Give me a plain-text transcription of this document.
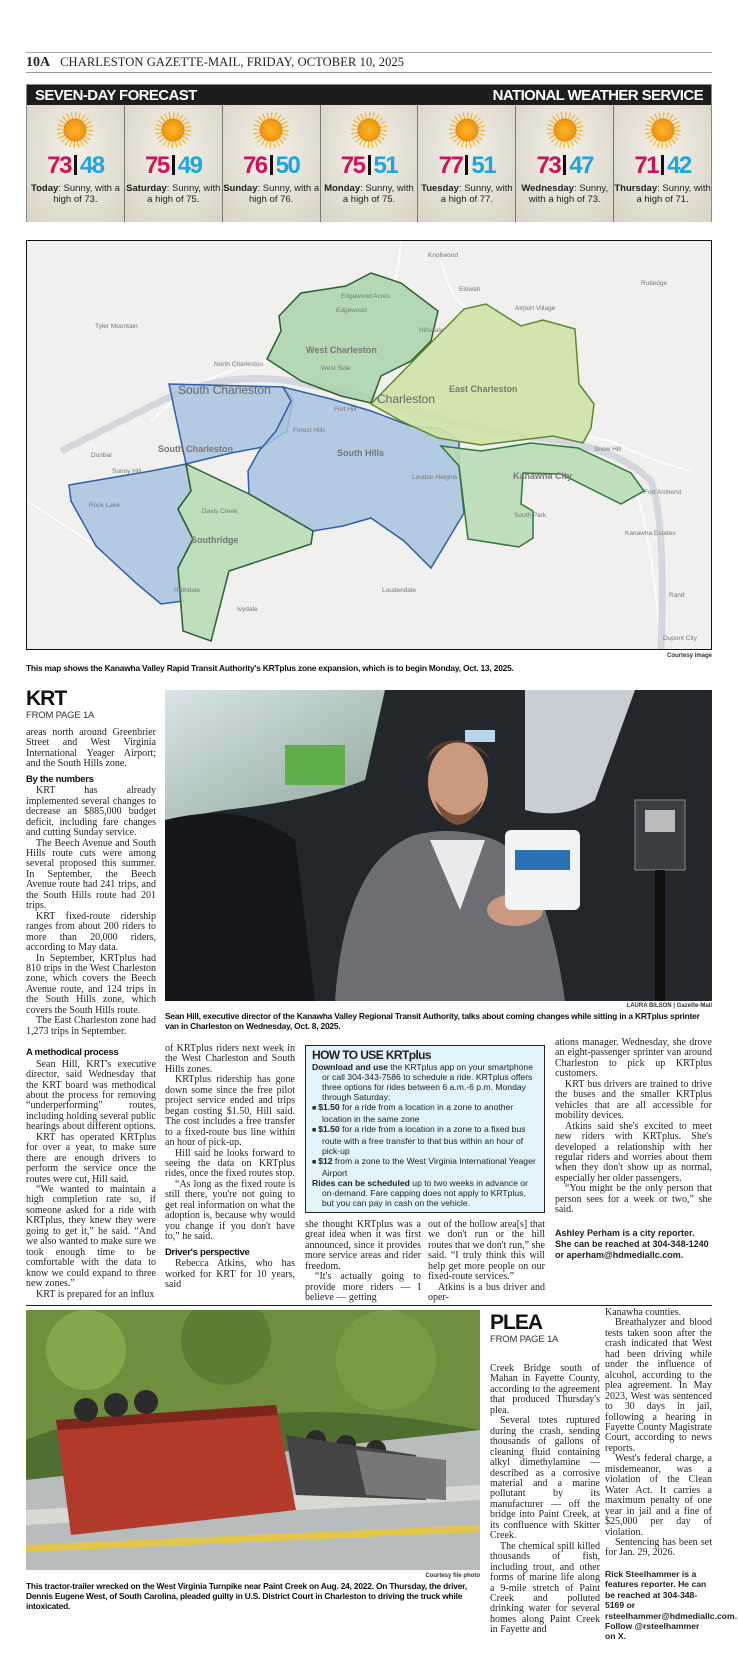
10A CHARLESTON GAZETTE-MAIL, FRIDAY, OCTOBER 10, 2025
SEVEN-DAY FORECAST	NATIONAL WEATHER SERVICE
73 48
Today: Sunny, with a high of 73.
75 49
Saturday: Sunny, with a high of 75.
76 50
Sunday: Sunny, with a high of 76.
75 51
Monday: Sunny, with a high of 75.
77 51
Tuesday: Sunny, with a high of 77.
73 47
Wednesday: Sunny, with a high of 73.
71 42
Thursday: Sunny, with a high of 71.
West Charleston
East Charleston
South Charleston	South Hills
Southridge
Kanawha City
Charleston
South Charleston
North Charleston
Tyler Mountain
Knollwood
Rutledge
Elowah
Airport Village
Edgewood
Edgewood Acres
Hillsdale
West Side
Fort Hill
Forest Hills
Dunbar
Sunny Hill
Rock Lake
Davis Creek
Ruthdale
Ivydale
Loudendale
Loudon Heights
Snow Hill
Fort Amherst
South Park
Kanawha Estates
Rand
Dupont City
Courtesy image
This map shows the Kanawha Valley Rapid Transit Authority's KRTplus zone expansion, which is to begin Monday, Oct. 13, 2025.
KRT
FROM PAGE 1A
LAURA BILSON | Gazette-Mail
Sean Hill, executive director of the Kanawha Valley Regional Transit Authority, talks about coming changes while sitting in a KRTplus sprinter van in Charleston on Wednesday, Oct. 8, 2025.

areas north around Greenbrier Street and West Virginia International Yeager Airport; and the South Hills zone.

By the numbers

KRT has already implemented several changes to decrease an $885,000 budget deficit, including fare changes and cutting Sunday service.

The Beech Avenue and South Hills route cuts were among several proposed this summer. In September, the Beech Avenue route had 241 trips, and the South Hills route had 201 trips.

KRT fixed-route ridership ranges from about 200 riders to more than 20,000 riders, according to May data.

In September, KRTplus had 810 trips in the West Charleston zone, which covers the Beech Avenue route, and 124 trips in the South Hills zone, which covers the South Hills route.

The East Charleston zone had 1,273 trips in September.

A methodical process

Sean Hill, KRT's executive director, said Wednesday that the KRT board was methodical about the process for removing “underperforming” routes, including holding several public hearings about different options.

KRT has operated KRTplus for over a year, to make sure there are enough drivers to perform the service once the routes were cut, Hill said.

“We wanted to maintain a high completion rate so, if someone asked for a ride with KRTplus, they knew they were going to get it,” he said. “And we also wanted to make sure we took enough time to be comfortable with the data to know we could expand to three new zones.”

KRT is prepared for an influx

of KRTplus riders next week in the West Charleston and South Hills zones.

KRTplus ridership has gone down some since the free pilot project service ended and trips began costing $1.50, Hill said. The cost includes a free transfer to a fixed-route bus line within an hour of pick-up.

Hill said he looks forward to seeing the data on KRTplus rides, once the fixed routes stop.

“As long as the fixed route is still there, you're not going to get real information on what the adoption is, because why would you change if you don't have to,” he said.

Driver's perspective

Rebecca Atkins, who has worked for KRT for 10 years, said

HOW TO USE KRTplus
Download and use the KRTplus app on your smartphone or call 304-343-7586 to schedule a ride. KRTplus offers three options for rides between 6 a.m.-6 p.m. Monday through Saturday:
■ $1.50 for a ride from a location in a zone to another location in the same zone
■ $1.50 for a ride from a location in a zone to a fixed bus route with a free transfer to that bus within an hour of pick-up
■ $12 from a zone to the West Virginia International Yeager Airport
Rides can be scheduled up to two weeks in advance or on-demand. Fare capping does not apply to KRTplus, but you can pay in cash on the vehicle.

she thought KRTplus was a great idea when it was first announced, since it provides more service areas and rider freedom.

“It's actually going to provide more riders — I believe — getting

out of the hollow area[s] that we don't run or the hill routes that we don't run,” she said. “I truly think this will help get more people on our fixed-route services.”

Atkins is a bus driver and oper-

ations manager. Wednesday, she drove an eight-passenger sprinter van around Charleston to pick up KRTplus customers.

KRT bus drivers are trained to drive the buses and the smaller KRTplus vehicles that are all accessible for mobility devices.

Atkins said she's excited to meet new riders with KRTplus. She's developed a relationship with her regular riders and worries about them when they don't show up as normal, especially her older passengers.

“You might be the only person that person sees for a week or two,” she said.

Ashley Perham is a city reporter. She can be reached at 304-348-1240 or aperham@hdmediallc.com.
Courtesy file photo
This tractor-trailer wrecked on the West Virginia Turnpike near Paint Creek on Aug. 24, 2022. On Thursday, the driver, Dennis Eugene West, of South Carolina, pleaded guilty in U.S. District Court in Charleston to driving the truck while intoxicated.
PLEA
FROM PAGE 1A

Creek Bridge south of Mahan in Fayette County, according to the agreement that produced Thursday's plea.

Several totes ruptured during the crash, sending thousands of gallons of cleaning fluid containing alkyl dimethylamine — described as a corrosive material and a marine pollutant by its manufacturer — off the bridge into Paint Creek, at its confluence with Skitter Creek.

The chemical spill killed thousands of fish, including trout, and other forms of marine life along a 9-mile stretch of Paint Creek and polluted drinking water for several homes along Paint Creek in Fayette and

Kanawha counties.

Breathalyzer and blood tests taken soon after the crash indicated that West had been driving while under the influence of alcohol, according to the plea agreement. In May 2023, West was sentenced to 30 days in jail, following a hearing in Fayette County Magistrate Court, according to news reports.

West's federal charge, a misdemeanor, was a violation of the Clean Water Act. It carries a maximum penalty of one year in jail and a fine of $25,000 per day of violation.

Sentencing has been set for Jan. 29, 2026.

Rick Steelhammer is a features reporter. He can be reached at 304-348-5169 or rsteelhammer@hdmediallc.com. Follow @rsteelhammer on X.
